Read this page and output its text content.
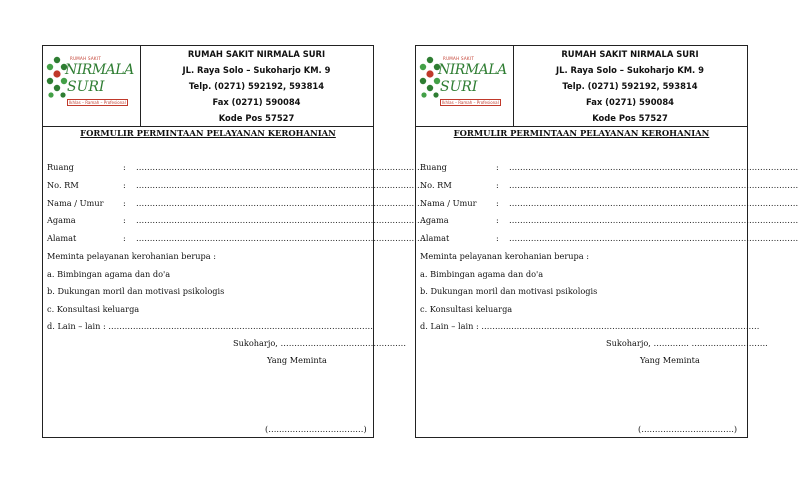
RUMAH SAKIT
NIRMALA
SURI
Ikhlas – Ramah – Profesional
RUMAH SAKIT NIRMALA SURI
JL. Raya Solo – Sukoharjo KM. 9
Telp. (0271) 592192, 593814
Fax (0271) 590084
Kode Pos 57527
FORMULIR PERMINTAAN PELAYANAN KEROHANIAN
Ruang	: ……………………………………………………………….……………………………
No. RM	: ……………………………………………………………….……………………………
Nama / Umur : ……………………………………………………………….……………………………
Agama	: ……………………………………………………………….……………………………
Alamat	: ……………………………………………………………….……………………………
Meminta pelayanan kerohanian berupa :
a. Bimbingan agama dan do'a
b. Dukungan moril dan motivasi psikologis
c. Konsultasi keluarga
d. Lain – lain : …………………………………………………….………………………………
Sukoharjo, ……………………………………….
Yang Meminta
(…..…………………………)
RUMAH SAKIT
NIRMALA
SURI
Ikhlas – Ramah – Profesional
RUMAH SAKIT NIRMALA SURI
JL. Raya Solo – Sukoharjo KM. 9
Telp. (0271) 592192, 593814
Fax (0271) 590084
Kode Pos 57527
FORMULIR PERMINTAAN PELAYANAN KEROHANIAN
Ruang	: ……………………………………………………………….……………………………
No. RM	: ……………………………………………………………….……………………………
Nama / Umur : ……………………………………………………………….……………………………
Agama	: ……………………………………………………………….……………………………
Alamat	: ……………………………………………………………….……………………………
Meminta pelayanan kerohanian berupa :
a. Bimbingan agama dan do'a
b. Dukungan moril dan motivasi psikologis
c. Konsultasi keluarga
d. Lain – lain : ………..……………………………………………………………………………….
Sukoharjo, …………. ……………………….
Yang Meminta
(…………………………….)
